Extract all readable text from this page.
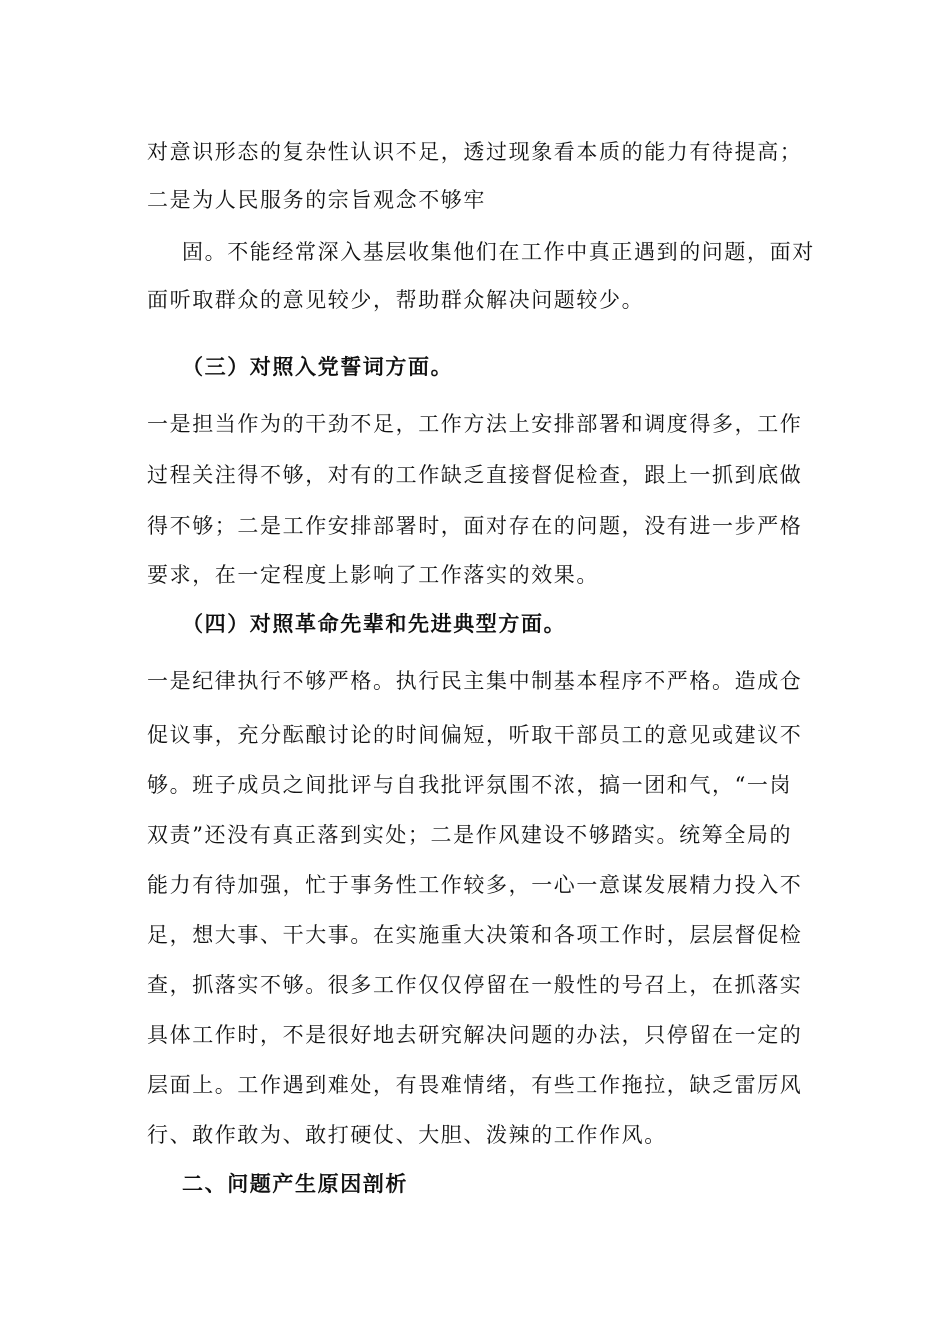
对意识形态的复杂性认识不足，透过现象看本质的能力有待提高；
二是为人民服务的宗旨观念不够牢
固。不能经常深入基层收集他们在工作中真正遇到的问题，面对
面听取群众的意见较少，帮助群众解决问题较少。
（三）对照入党誓词方面。
一是担当作为的干劲不足，工作方法上安排部署和调度得多，工作
过程关注得不够，对有的工作缺乏直接督促检查，跟上一抓到底做
得不够；二是工作安排部署时，面对存在的问题，没有进一步严格
要求，在一定程度上影响了工作落实的效果。
（四）对照革命先辈和先进典型方面。
一是纪律执行不够严格。执行民主集中制基本程序不严格。造成仓
促议事，充分酝酿讨论的时间偏短，听取干部员工的意见或建议不
够。班子成员之间批评与自我批评氛围不浓，搞一团和气，“一岗
双责”还没有真正落到实处；二是作风建设不够踏实。统筹全局的
能力有待加强，忙于事务性工作较多，一心一意谋发展精力投入不
足，想大事、干大事。在实施重大决策和各项工作时，层层督促检
查，抓落实不够。很多工作仅仅停留在一般性的号召上，在抓落实
具体工作时，不是很好地去研究解决问题的办法，只停留在一定的
层面上。工作遇到难处，有畏难情绪，有些工作拖拉，缺乏雷厉风
行、敢作敢为、敢打硬仗、大胆、泼辣的工作作风。
二、问题产生原因剖析
